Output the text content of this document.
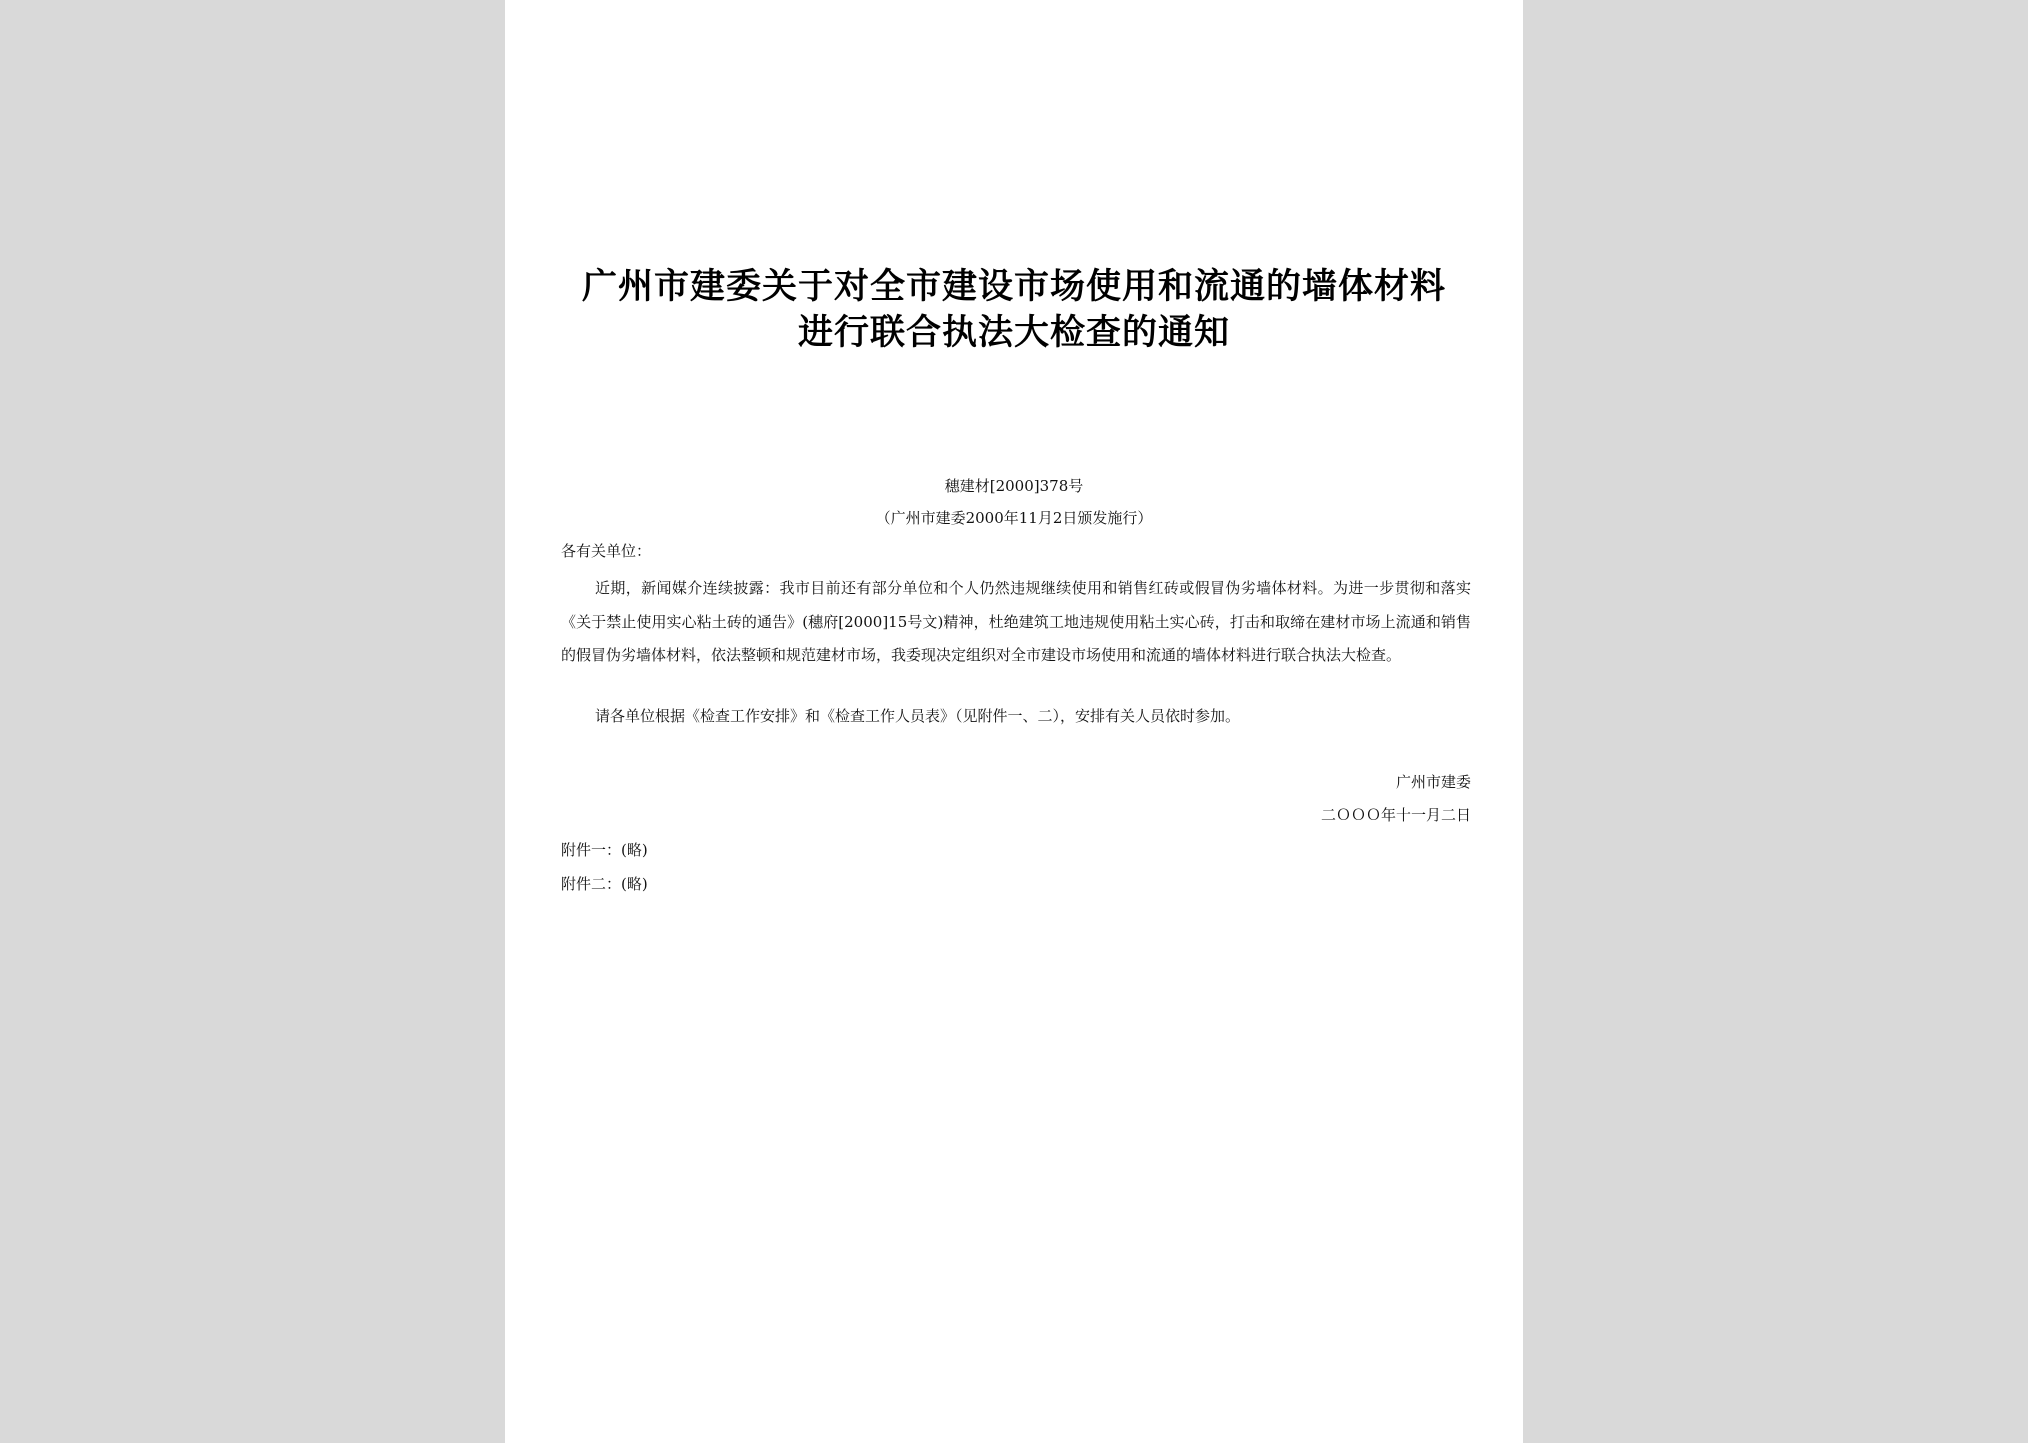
广州市建委关于对全市建设市场使用和流通的墙体材料
进行联合执法大检查的通知
穗建材[2000]378号
（广州市建委2000年11月2日颁发施行）
各有关单位：
近期，新闻媒介连续披露：我市目前还有部分单位和个人仍然违规继续使用和销售红砖或假冒伪劣墙体材料。为进一步贯彻和落实《关于禁止使用实心粘土砖的通告》(穗府[2000]15号文)精神，杜绝建筑工地违规使用粘土实心砖，打击和取缔在建材市场上流通和销售的假冒伪劣墙体材料，依法整顿和规范建材市场，我委现决定组织对全市建设市场使用和流通的墙体材料进行联合执法大检查。
请各单位根据《检查工作安排》和《检查工作人员表》（见附件一、二），安排有关人员依时参加。
广州市建委
二ＯＯＯ年十一月二日
附件一：(略)
附件二：(略)
